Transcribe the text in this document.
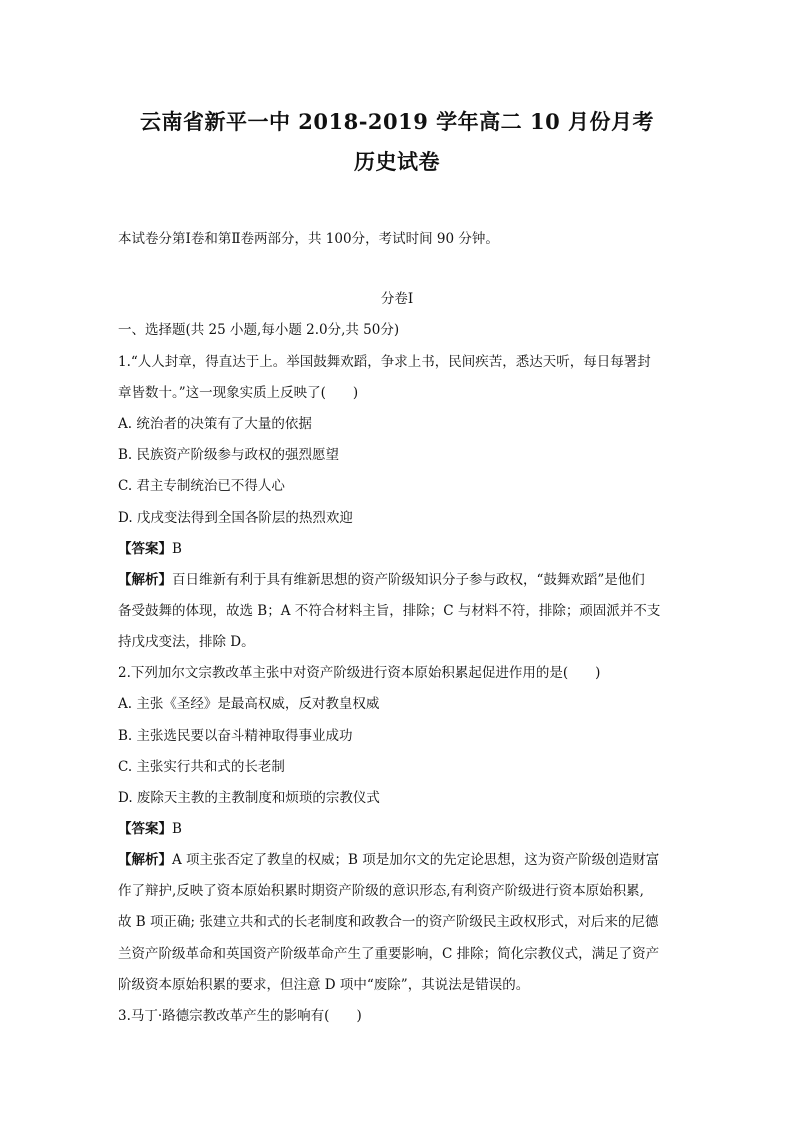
云南省新平一中 2018-2019 学年高二 10 月份月考
历史试卷
本试卷分第Ⅰ卷和第Ⅱ卷两部分，共 100分，考试时间 90 分钟。
分卷I
一、选择题(共 25 小题,每小题 2.0分,共 50分)
1.“人人封章，得直达于上。举国鼓舞欢蹈，争求上书，民间疾苦，悉达天听，每日每署封
章皆数十。”这一现象实质上反映了(　　)
A. 统治者的决策有了大量的依据
B. 民族资产阶级参与政权的强烈愿望
C. 君主专制统治已不得人心
D. 戊戌变法得到全国各阶层的热烈欢迎
【答案】B
【解析】百日维新有利于具有维新思想的资产阶级知识分子参与政权，“鼓舞欢蹈”是他们
备受鼓舞的体现，故选 B；A 不符合材料主旨，排除；C 与材料不符，排除；顽固派并不支
持戊戌变法，排除 D。
2.下列加尔文宗教改革主张中对资产阶级进行资本原始积累起促进作用的是(　　)
A. 主张《圣经》是最高权威，反对教皇权威
B. 主张选民要以奋斗精神取得事业成功
C. 主张实行共和式的长老制
D. 废除天主教的主教制度和烦琐的宗教仪式
【答案】B
【解析】A 项主张否定了教皇的权威；B 项是加尔文的先定论思想，这为资产阶级创造财富
作了辩护,反映了资本原始积累时期资产阶级的意识形态,有利资产阶级进行资本原始积累,
故 B 项正确; 张建立共和式的长老制度和政教合一的资产阶级民主政权形式，对后来的尼德
兰资产阶级革命和英国资产阶级革命产生了重要影响，C 排除；简化宗教仪式，满足了资产
阶级资本原始积累的要求，但注意 D 项中“废除”，其说法是错误的。
3.马丁·路德宗教改革产生的影响有(　　)
